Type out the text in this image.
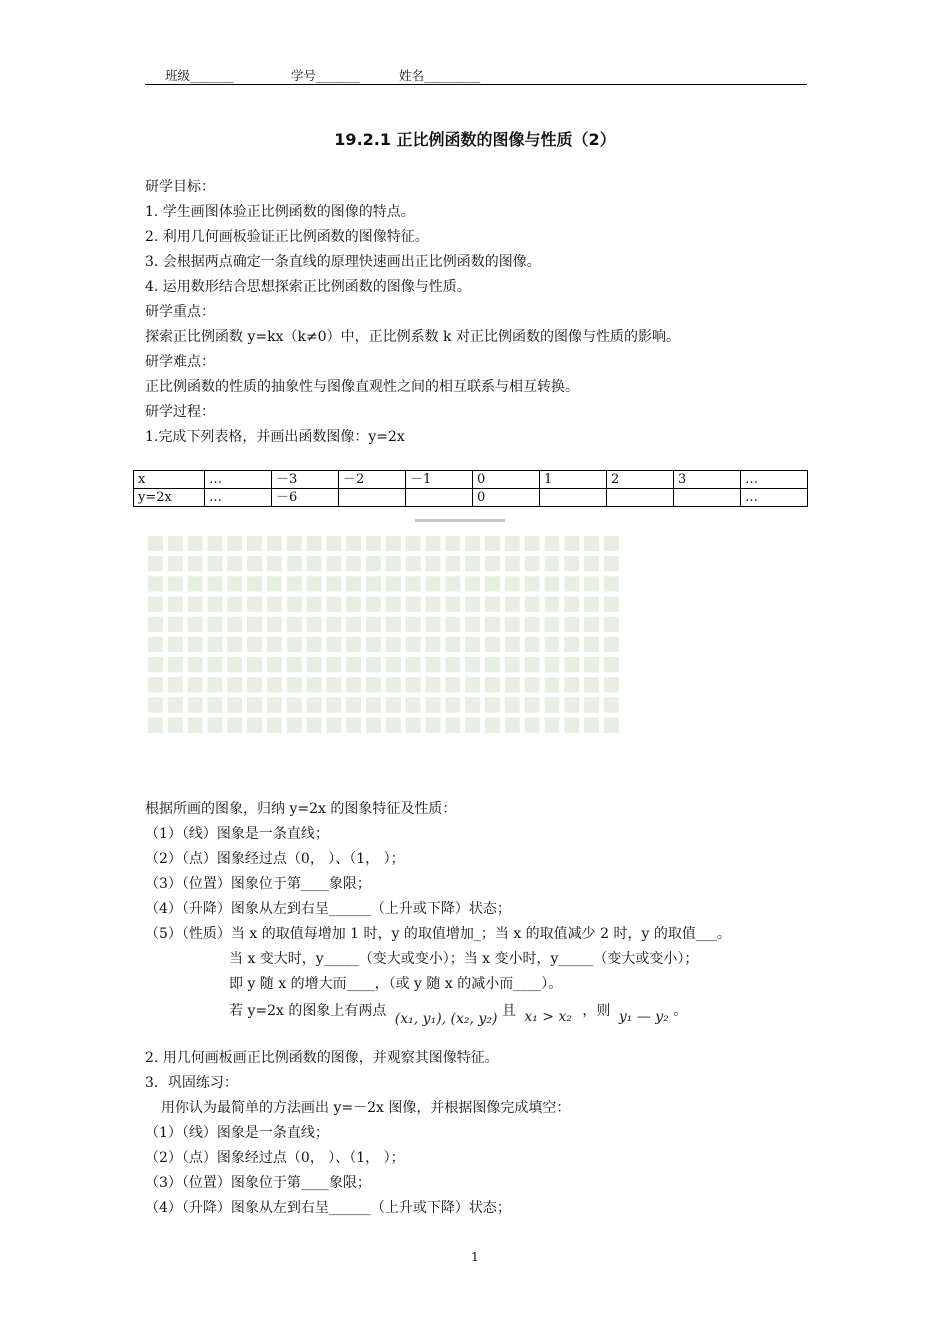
班级_______	学号_______	姓名_________
19.2.1 正比例函数的图像与性质（2）
研学目标：
1. 学生画图体验正比例函数的图像的特点。
2. 利用几何画板验证正比例函数的图像特征。
3. 会根据两点确定一条直线的原理快速画出正比例函数的图像。
4. 运用数形结合思想探索正比例函数的图像与性质。
研学重点：
探索正比例函数 y=kx（k≠0）中，正比例系数 k 对正比例函数的图像与性质的影响。
研学难点：
正比例函数的性质的抽象性与图像直观性之间的相互联系与相互转换。
研学过程：
1.完成下列表格，并画出函数图像：y=2x
x	…	－3	－2	－1	0	1	2	3	…
y=2x	…	－6			0				…
根据所画的图象，归纳 y=2x 的图象特征及性质：
（1）（线）图象是一条直线；
（2）（点）图象经过点（0， ）、（1， ）；
（3）（位置）图象位于第____象限；
（4）（升降）图象从左到右呈______（上升或下降）状态；
（5）（性质）当 x 的取值每增加 1 时，y 的取值增加_；当 x 的取值减少 2 时，y 的取值___。
当 x 变大时，y_____（变大或变小）；当 x 变小时，y_____（变大或变小）；
即 y 随 x 的增大而____，（或 y 随 x 的减小而____）。
若 y=2x 的图象上有两点 (x₁, y₁), (x₂, y₂) 且 x₁ > x₂ ，则 y₁ — y₂ 。
2. 用几何画板画正比例函数的图像，并观察其图像特征。
3．巩固练习：
用你认为最简单的方法画出 y=－2x 图像，并根据图像完成填空：
（1）（线）图象是一条直线；
（2）（点）图象经过点（0， ）、（1， ）；
（3）（位置）图象位于第____象限；
（4）（升降）图象从左到右呈______（上升或下降）状态；
1
